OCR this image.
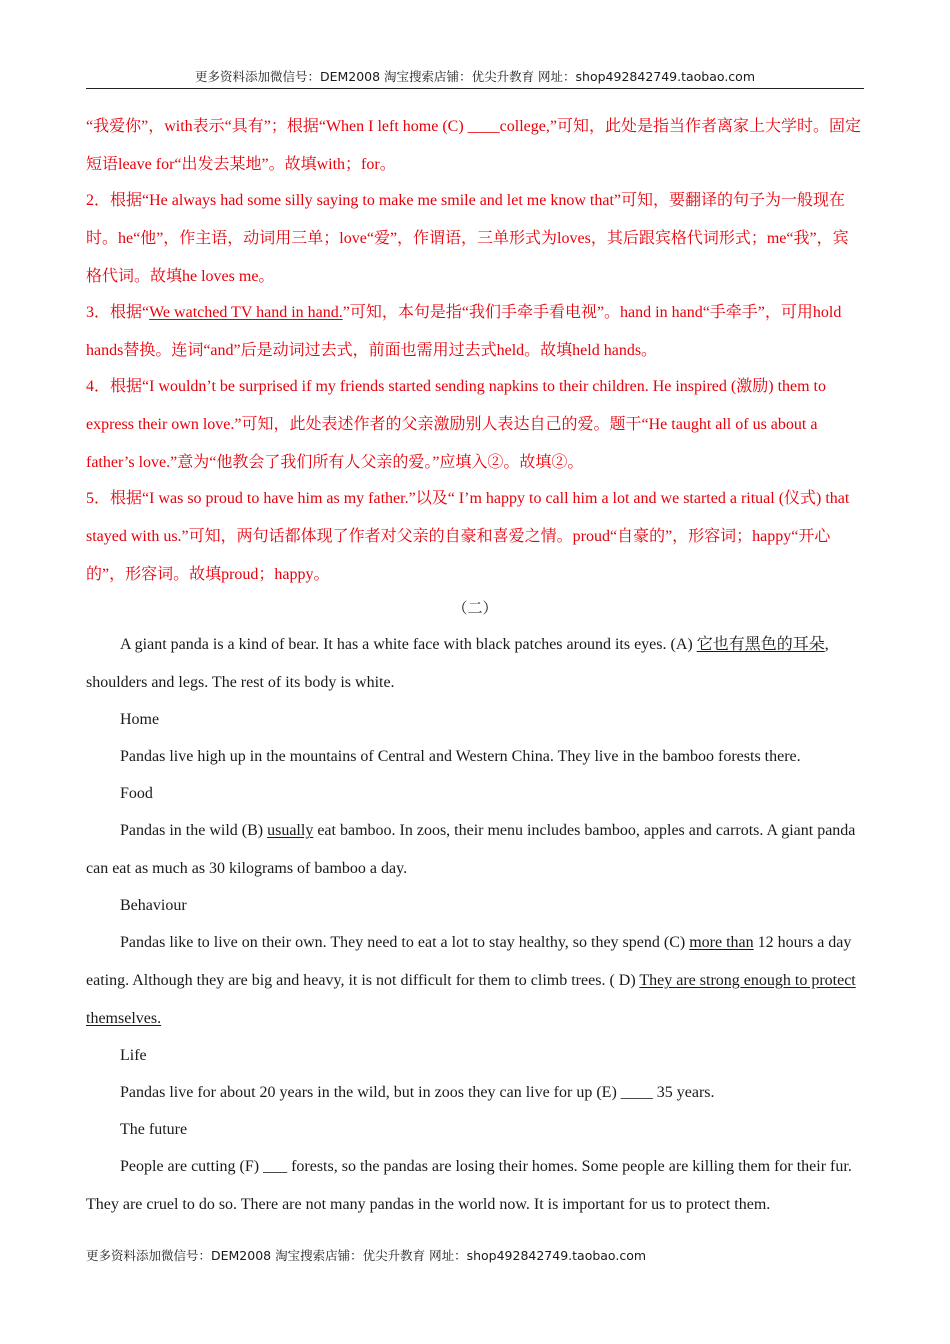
更多资料添加微信号：DEM2008 淘宝搜索店铺：优尖升教育 网址：shop492842749.taobao.com

“我爱你”，with表示“具有”；根据“When I left home (C) ____college,”可知，此处是指当作者离家上大学时。固定短语leave for“出发去某地”。故填with；for。

2．根据“He always had some silly saying to make me smile and let me know that”可知，要翻译的句子为一般现在时。he“他”，作主语，动词用三单；love“爱”，作谓语，三单形式为loves，其后跟宾格代词形式；me“我”，宾格代词。故填he loves me。

3．根据“We watched TV hand in hand.”可知，本句是指“我们手牵手看电视”。hand in hand“手牵手”，可用hold hands替换。连词“and”后是动词过去式，前面也需用过去式held。故填held hands。

4．根据“I wouldn’t be surprised if my friends started sending napkins to their children. He inspired (激励) them to express their own love.”可知，此处表述作者的父亲激励别人表达自己的爱。题干“He taught all of us about a father’s love.”意为“他教会了我们所有人父亲的爱。”应填入②。故填②。

5．根据“I was so proud to have him as my father.”以及“ I’m happy to call him a lot and we started a ritual (仪式) that stayed with us.”可知，两句话都体现了作者对父亲的自豪和喜爱之情。proud“自豪的”，形容词；happy“开心的”，形容词。故填proud；happy。

（二）

A giant panda is a kind of bear. It has a white face with black patches around its eyes. (A) 它也有黑色的耳朵, shoulders and legs. The rest of its body is white.

Home

Pandas live high up in the mountains of Central and Western China. They live in the bamboo forests there.

Food

Pandas in the wild (B) usually eat bamboo. In zoos, their menu includes bamboo, apples and carrots. A giant panda can eat as much as 30 kilograms of bamboo a day.

Behaviour

Pandas like to live on their own. They need to eat a lot to stay healthy, so they spend (C) more than 12 hours a day eating. Although they are big and heavy, it is not difficult for them to climb trees. ( D) They are strong enough to protect themselves.

Life

Pandas live for about 20 years in the wild, but in zoos they can live for up (E) ____ 35 years.

The future

People are cutting (F) ___ forests, so the pandas are losing their homes. Some people are killing them for their fur. They are cruel to do so. There are not many pandas in the world now. It is important for us to protect them.

更多资料添加微信号：DEM2008 淘宝搜索店铺：优尖升教育 网址：shop492842749.taobao.com
